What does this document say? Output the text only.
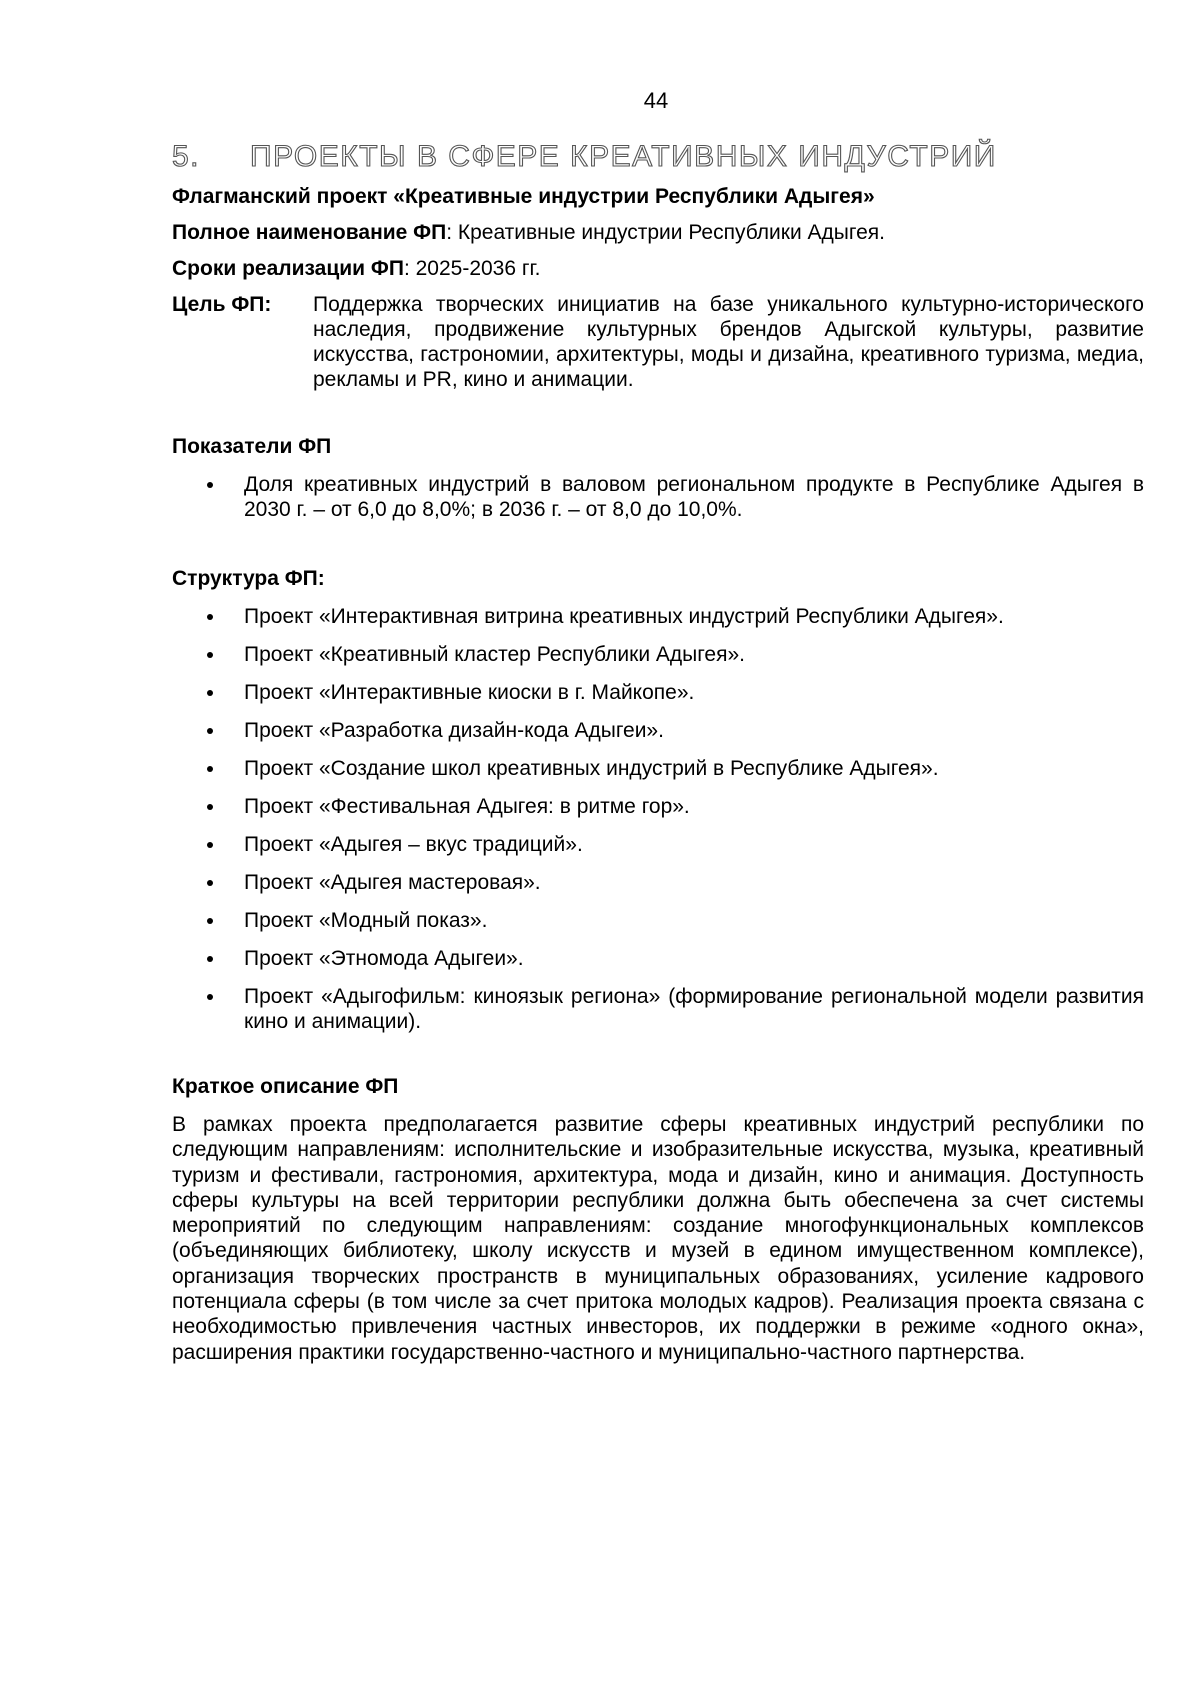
44
5.	ПРОЕКТЫ В СФЕРЕ КРЕАТИВНЫХ ИНДУСТРИЙ

Флагманский проект «Креативные индустрии Республики Адыгея»

Полное наименование ФП: Креативные индустрии Республики Адыгея.

Сроки реализации ФП: 2025-2036 гг.

Цель ФП:	Поддержка творческих инициатив на базе уникального культурно-исторического наследия, продвижение культурных брендов Адыгской культуры, развитие искусства, гастрономии, архитектуры, моды и дизайна, креативного туризма, медиа, рекламы и PR, кино и анимации.

Показатели ФП

Доля креативных индустрий в валовом региональном продукте в Республике Адыгея в 2030 г. – от 6,0 до 8,0%; в 2036 г. – от 8,0 до 10,0%.

Структура ФП:

Проект «Интерактивная витрина креативных индустрий Республики Адыгея».
Проект «Креативный кластер Республики Адыгея».
Проект «Интерактивные киоски в г. Майкопе».
Проект «Разработка дизайн-кода Адыгеи».
Проект «Создание школ креативных индустрий в Республике Адыгея».
Проект «Фестивальная Адыгея: в ритме гор».
Проект «Адыгея – вкус традиций».
Проект «Адыгея мастеровая».
Проект «Модный показ».
Проект «Этномода Адыгеи».
Проект «Адыгофильм: киноязык региона» (формирование региональной модели развития кино и анимации).

Краткое описание ФП

В рамках проекта предполагается развитие сферы креативных индустрий республики по следующим направлениям: исполнительские и изобразительные искусства, музыка, креативный туризм и фестивали, гастрономия, архитектура, мода и дизайн, кино и анимация. Доступность сферы культуры на всей территории республики должна быть обеспечена за счет системы мероприятий по следующим направлениям: создание многофункциональных комплексов (объединяющих библиотеку, школу искусств и музей в едином имущественном комплексе), организация творческих пространств в муниципальных образованиях, усиление кадрового потенциала сферы (в том числе за счет притока молодых кадров). Реализация проекта связана с необходимостью привлечения частных инвесторов, их поддержки в режиме «одного окна», расширения практики государственно-частного и муниципально-частного партнерства.
